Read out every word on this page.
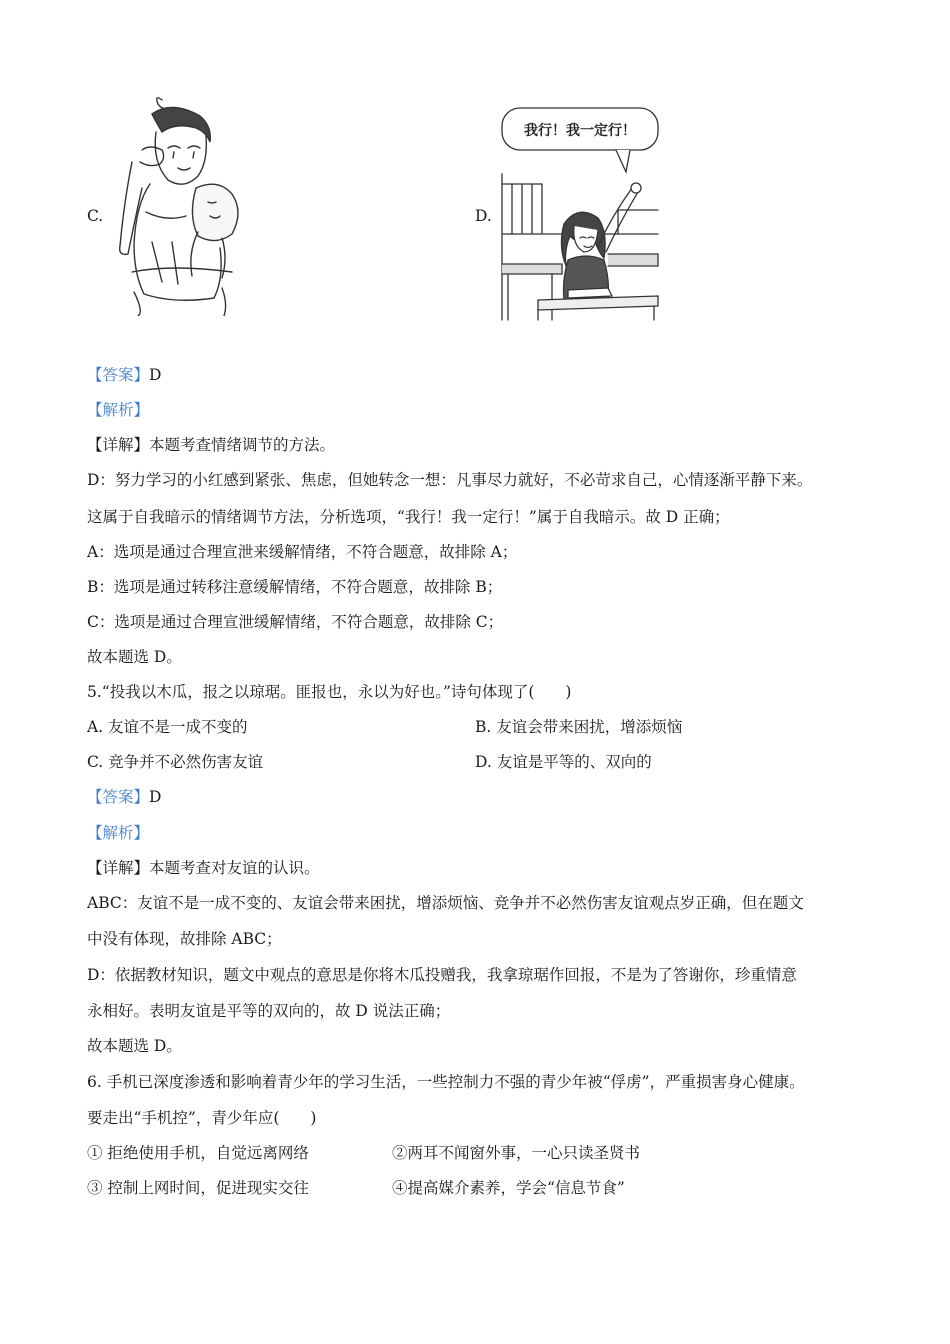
C.	D.
我行！我一定行！
【答案】D
【解析】
【详解】本题考查情绪调节的方法。
D：努力学习的小红感到紧张、焦虑，但她转念一想：凡事尽力就好，不必苛求自己，心情逐渐平静下来。
这属于自我暗示的情绪调节方法，分析选项，“我行！我一定行！”属于自我暗示。故 D 正确；
A：选项是通过合理宣泄来缓解情绪，不符合题意，故排除 A；
B：选项是通过转移注意缓解情绪，不符合题意，故排除 B；
C：选项是通过合理宣泄缓解情绪，不符合题意，故排除 C；
故本题选 D。
5.“投我以木瓜，报之以琼琚。匪报也，永以为好也。”诗句体现了(　　)
A. 友谊不是一成不变的	B. 友谊会带来困扰，增添烦恼
C. 竞争并不必然伤害友谊	D. 友谊是平等的、双向的
【答案】D
【解析】
【详解】本题考查对友谊的认识。
ABC：友谊不是一成不变的、友谊会带来困扰，增添烦恼、竞争并不必然伤害友谊观点岁正确，但在题文
中没有体现，故排除 ABC；
D：依据教材知识，题文中观点的意思是你将木瓜投赠我，我拿琼琚作回报，不是为了答谢你，珍重情意
永相好。表明友谊是平等的双向的，故 D 说法正确；
故本题选 D。
6. 手机已深度渗透和影响着青少年的学习生活，一些控制力不强的青少年被“俘虏”，严重损害身心健康。
要走出“手机控”，青少年应(　　)
① 拒绝使用手机，自觉远离网络	②两耳不闻窗外事，一心只读圣贤书
③ 控制上网时间，促进现实交往	④提高媒介素养，学会“信息节食”
